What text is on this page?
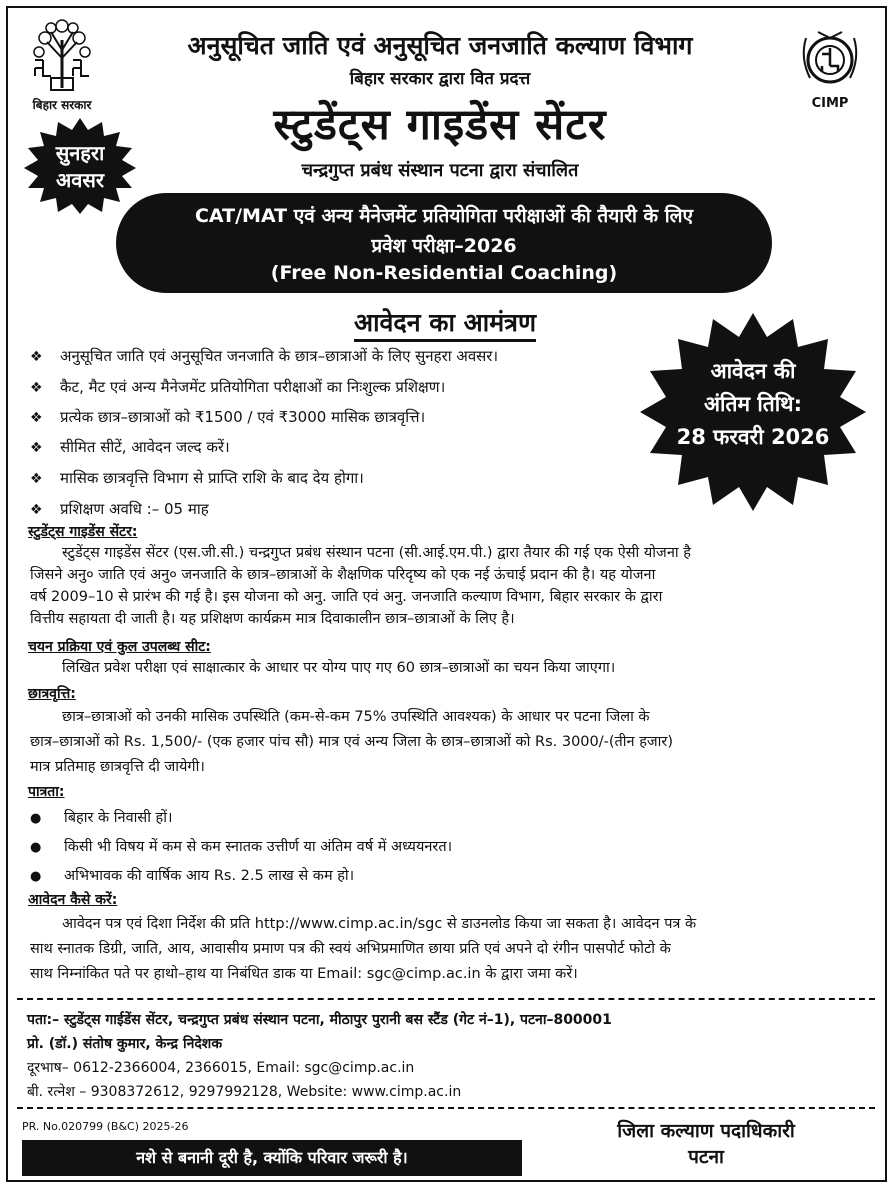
बिहार सरकार	CIMP
अनुसूचित जाति एवं अनुसूचित जनजाति कल्याण विभाग
बिहार सरकार द्वारा वित प्रदत्त
स्टुडेंट्स गाइडेंस सेंटर
चन्द्रगुप्त प्रबंध संस्थान पटना द्वारा संचालित
सुनहरा
अवसर
CAT/MAT एवं अन्य मैनेजमेंट प्रतियोगिता परीक्षाओं की तैयारी के लिए
प्रवेश परीक्षा–2026
(Free Non-Residential Coaching)
आवेदन का आमंत्रण
आवेदन की
अंतिम तिथि:
28 फरवरी 2026
❖ अनुसूचित जाति एवं अनुसूचित जनजाति के छात्र–छात्राओं के लिए सुनहरा अवसर।
❖ कैट, मैट एवं अन्य मैनेजमेंट प्रतियोगिता परीक्षाओं का निःशुल्क प्रशिक्षण।
❖ प्रत्येक छात्र–छात्राओं को ₹1500 / एवं ₹3000 मासिक छात्रवृत्ति।
❖ सीमित सीटें, आवेदन जल्द करें।
❖ मासिक छात्रवृत्ति विभाग से प्राप्ति राशि के बाद देय होगा।
❖ प्रशिक्षण अवधि :– 05 माह
स्टुडेंट्स गाइडेंस सेंटर:
स्टुडेंट्स गाइडेंस सेंटर (एस.जी.सी.) चन्द्रगुप्त प्रबंध संस्थान पटना (सी.आई.एम.पी.) द्वारा तैयार की गई एक ऐसी योजना है
जिसने अनु० जाति एवं अनु० जनजाति के छात्र–छात्राओं के शैक्षणिक परिदृष्य को एक नई ऊंचाई प्रदान की है। यह योजना
वर्ष 2009–10 से प्रारंभ की गई है। इस योजना को अनु. जाति एवं अनु. जनजाति कल्याण विभाग, बिहार सरकार के द्वारा
वित्तीय सहायता दी जाती है। यह प्रशिक्षण कार्यक्रम मात्र दिवाकालीन छात्र–छात्राओं के लिए है।
चयन प्रक्रिया एवं कुल उपलब्ध सीट:
लिखित प्रवेश परीक्षा एवं साक्षात्कार के आधार पर योग्य पाए गए 60 छात्र–छात्राओं का चयन किया जाएगा।
छात्रवृत्ति:
छात्र–छात्राओं को उनकी मासिक उपस्थिति (कम-से-कम 75% उपस्थिति आवश्यक) के आधार पर पटना जिला के
छात्र–छात्राओं को Rs. 1,500/- (एक हजार पांच सौ) मात्र एवं अन्य जिला के छात्र–छात्राओं को Rs. 3000/-(तीन हजार)
मात्र प्रतिमाह छात्रवृत्ति दी जायेगी।
पात्रता:
● बिहार के निवासी हों।
● किसी भी विषय में कम से कम स्नातक उत्तीर्ण या अंतिम वर्ष में अध्ययनरत।
● अभिभावक की वार्षिक आय Rs. 2.5 लाख से कम हो।
आवेदन कैसे करें:
आवेदन पत्र एवं दिशा निर्देश की प्रति http://www.cimp.ac.in/sgc से डाउनलोड किया जा सकता है। आवेदन पत्र के
साथ स्नातक डिग्री, जाति, आय, आवासीय प्रमाण पत्र की स्वयं अभिप्रमाणित छाया प्रति एवं अपने दो रंगीन पासपोर्ट फोटो के
साथ निम्नांकित पते पर हाथो–हाथ या निबंधित डाक या Email: sgc@cimp.ac.in के द्वारा जमा करें।
पता:– स्टुडेंट्स गाईडेंस सेंटर, चन्द्रगुप्त प्रबंध संस्थान पटना, मीठापुर पुरानी बस स्टैंड (गेट नं–1), पटना–800001
प्रो. (डॉ.) संतोष कुमार, केन्द्र निदेशक
दूरभाष– 0612-2366004, 2366015, Email: sgc@cimp.ac.in
बी. रत्नेश – 9308372612, 9297992128, Website: www.cimp.ac.in
PR. No.020799 (B&C) 2025-26
नशे से बनानी दूरी है, क्योंकि परिवार जरूरी है।
जिला कल्याण पदाधिकारी
पटना
